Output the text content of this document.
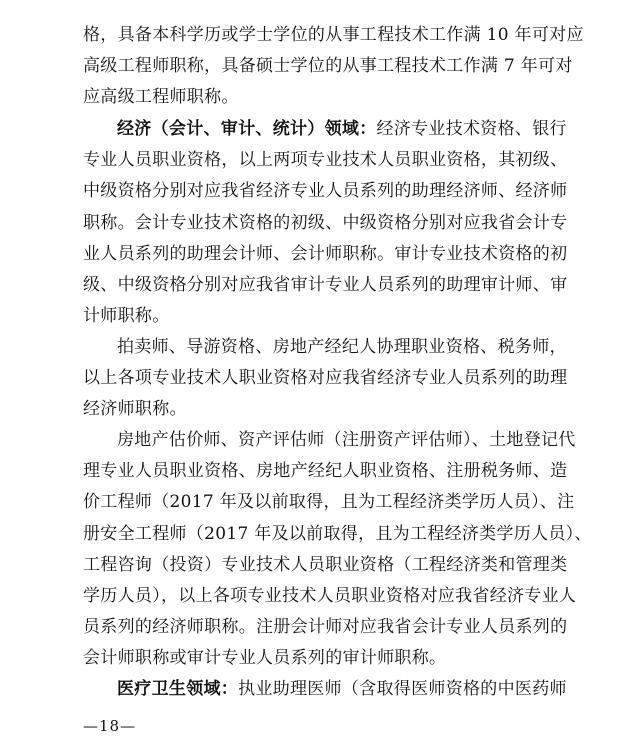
格，具备本科学历或学士学位的从事工程技术工作满 10 年可对应
高级工程师职称，具备硕士学位的从事工程技术工作满 7 年可对
应高级工程师职称。
经济（会计、审计、统计）领域：经济专业技术资格、银行
专业人员职业资格，以上两项专业技术人员职业资格，其初级、
中级资格分别对应我省经济专业人员系列的助理经济师、经济师
职称。会计专业技术资格的初级、中级资格分别对应我省会计专
业人员系列的助理会计师、会计师职称。审计专业技术资格的初
级、中级资格分别对应我省审计专业人员系列的助理审计师、审
计师职称。
拍卖师、导游资格、房地产经纪人协理职业资格、税务师，
以上各项专业技术人职业资格对应我省经济专业人员系列的助理
经济师职称。
房地产估价师、资产评估师（注册资产评估师）、土地登记代
理专业人员职业资格、房地产经纪人职业资格、注册税务师、造
价工程师（2017 年及以前取得，且为工程经济类学历人员）、注
册安全工程师（2017 年及以前取得，且为工程经济类学历人员）、
工程咨询（投资）专业技术人员职业资格（工程经济类和管理类
学历人员），以上各项专业技术人员职业资格对应我省经济专业人
员系列的经济师职称。注册会计师对应我省会计专业人员系列的
会计师职称或审计专业人员系列的审计师职称。
医疗卫生领域：执业助理医师（含取得医师资格的中医药师
—18—
